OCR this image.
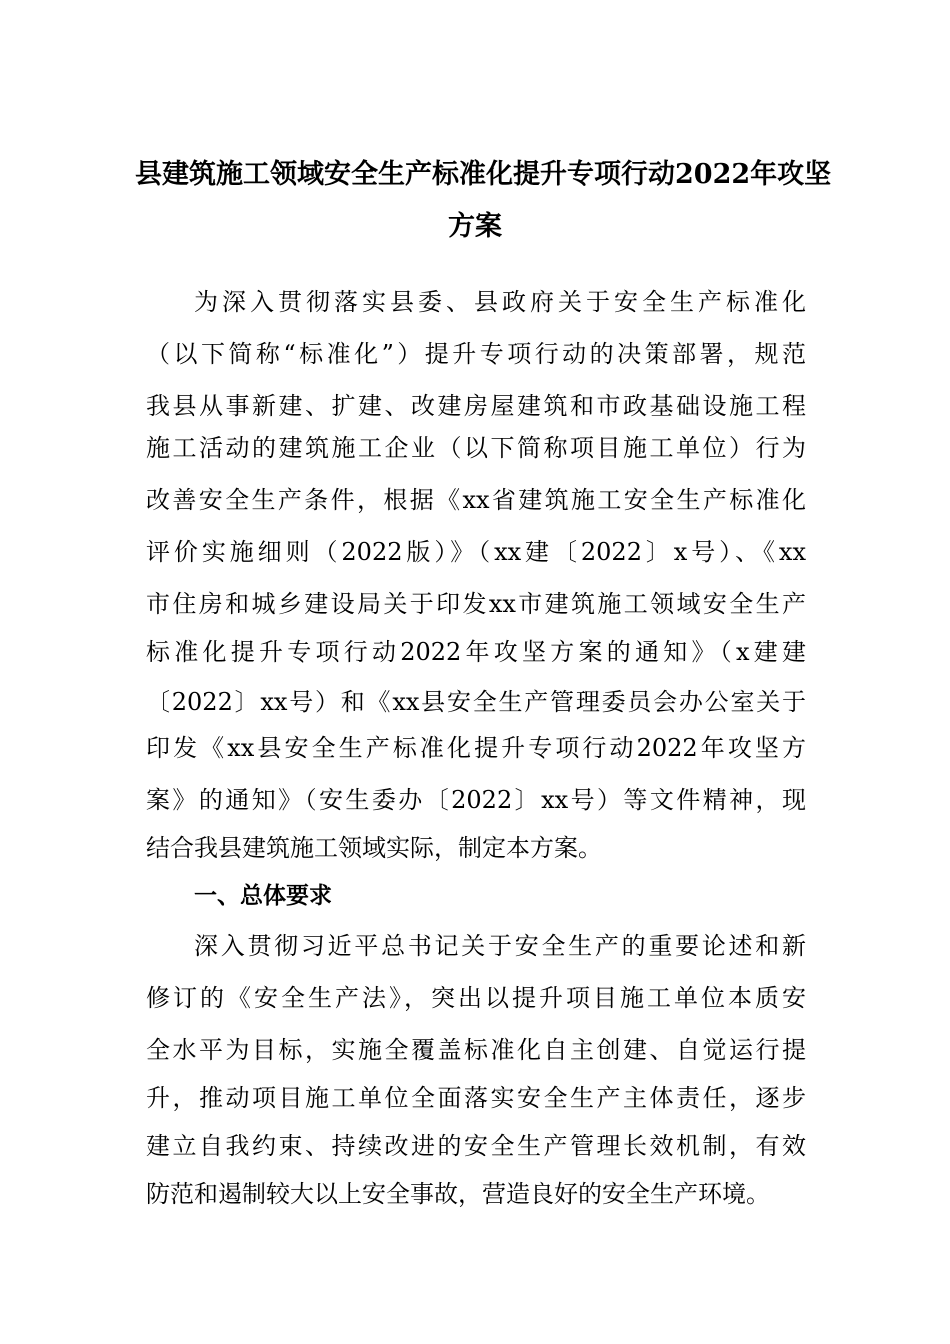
县建筑施工领域安全生产标准化提升专项行动2022年攻坚
方案
为深入贯彻落实县委、县政府关于安全生产标准化
（以下简称“标准化”）提升专项行动的决策部署，规范
我县从事新建、扩建、改建房屋建筑和市政基础设施工程
施工活动的建筑施工企业（以下简称项目施工单位）行为
改善安全生产条件，根据《xx省建筑施工安全生产标准化
评价实施细则（2022版）》（xx建〔2022〕x号）、《xx
市住房和城乡建设局关于印发xx市建筑施工领域安全生产
标准化提升专项行动2022年攻坚方案的通知》（x建建
〔2022〕xx号）和《xx县安全生产管理委员会办公室关于
印发《xx县安全生产标准化提升专项行动2022年攻坚方
案》的通知》（安生委办〔2022〕xx号）等文件精神，现
结合我县建筑施工领域实际，制定本方案。
一、总体要求
深入贯彻习近平总书记关于安全生产的重要论述和新
修订的《安全生产法》，突出以提升项目施工单位本质安
全水平为目标，实施全覆盖标准化自主创建、自觉运行提
升，推动项目施工单位全面落实安全生产主体责任，逐步
建立自我约束、持续改进的安全生产管理长效机制，有效
防范和遏制较大以上安全事故，营造良好的安全生产环境。
